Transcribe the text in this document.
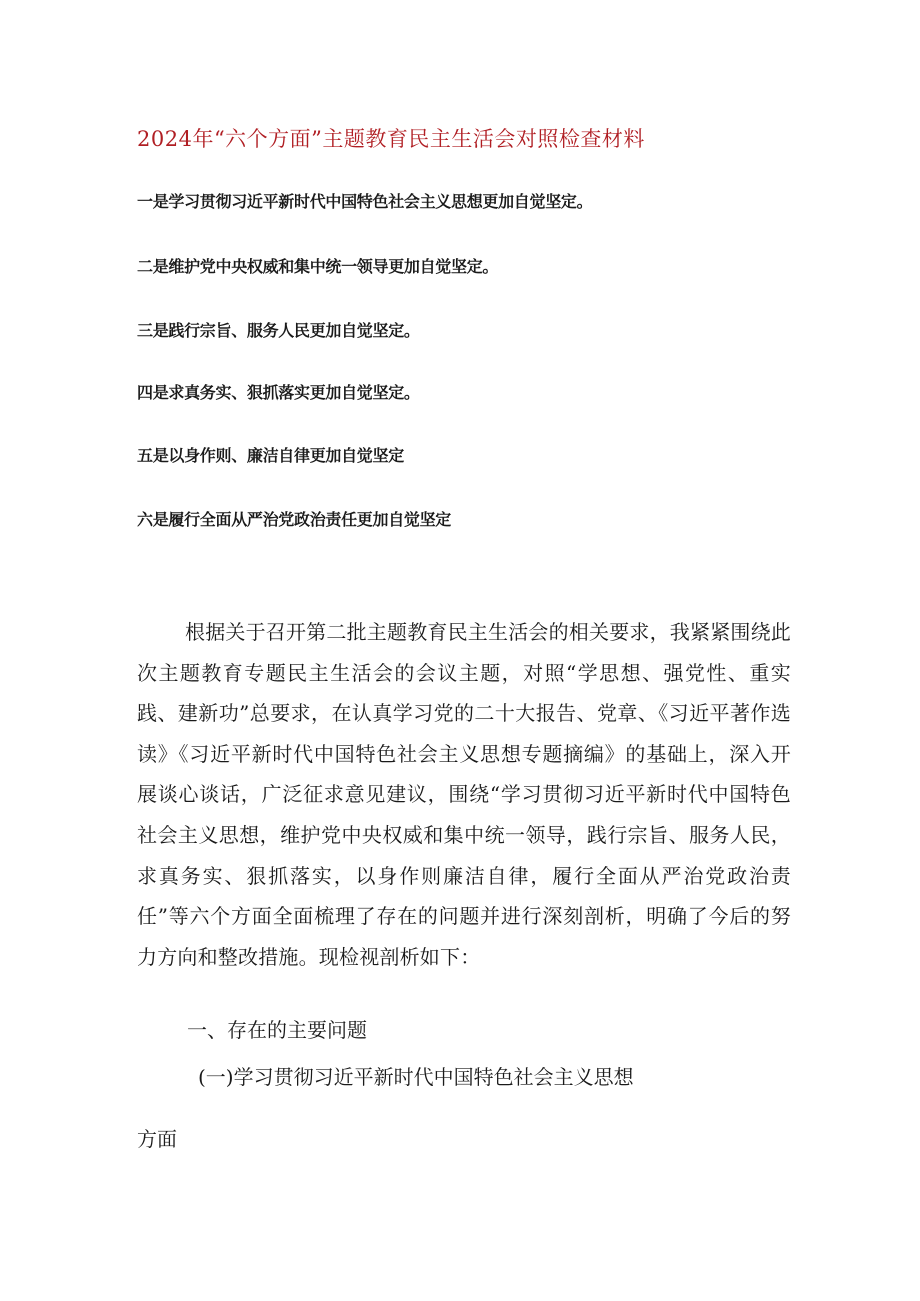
2024年“六个方面”主题教育民主生活会对照检查材料
一是学习贯彻习近平新时代中国特色社会主义思想更加自觉坚定。
二是维护党中央权威和集中统一领导更加自觉坚定。
三是践行宗旨、服务人民更加自觉坚定。
四是求真务实、狠抓落实更加自觉坚定。
五是以身作则、廉洁自律更加自觉坚定
六是履行全面从严治党政治责任更加自觉坚定

根据关于召开第二批主题教育民主生活会的相关要求，我紧紧围绕此次主题教育专题民主生活会的会议主题，对照“学思想、强党性、重实践、建新功”总要求，在认真学习党的二十大报告、党章、《习近平著作选读》《习近平新时代中国特色社会主义思想专题摘编》的基础上，深入开展谈心谈话，广泛征求意见建议，围绕“学习贯彻习近平新时代中国特色社会主义思想，维护党中央权威和集中统一领导，践行宗旨、服务人民，求真务实、狠抓落实，以身作则廉洁自律，履行全面从严治党政治责任”等六个方面全面梳理了存在的问题并进行深刻剖析，明确了今后的努力方向和整改措施。现检视剖析如下：

一、存在的主要问题
(一)学习贯彻习近平新时代中国特色社会主义思想
方面
